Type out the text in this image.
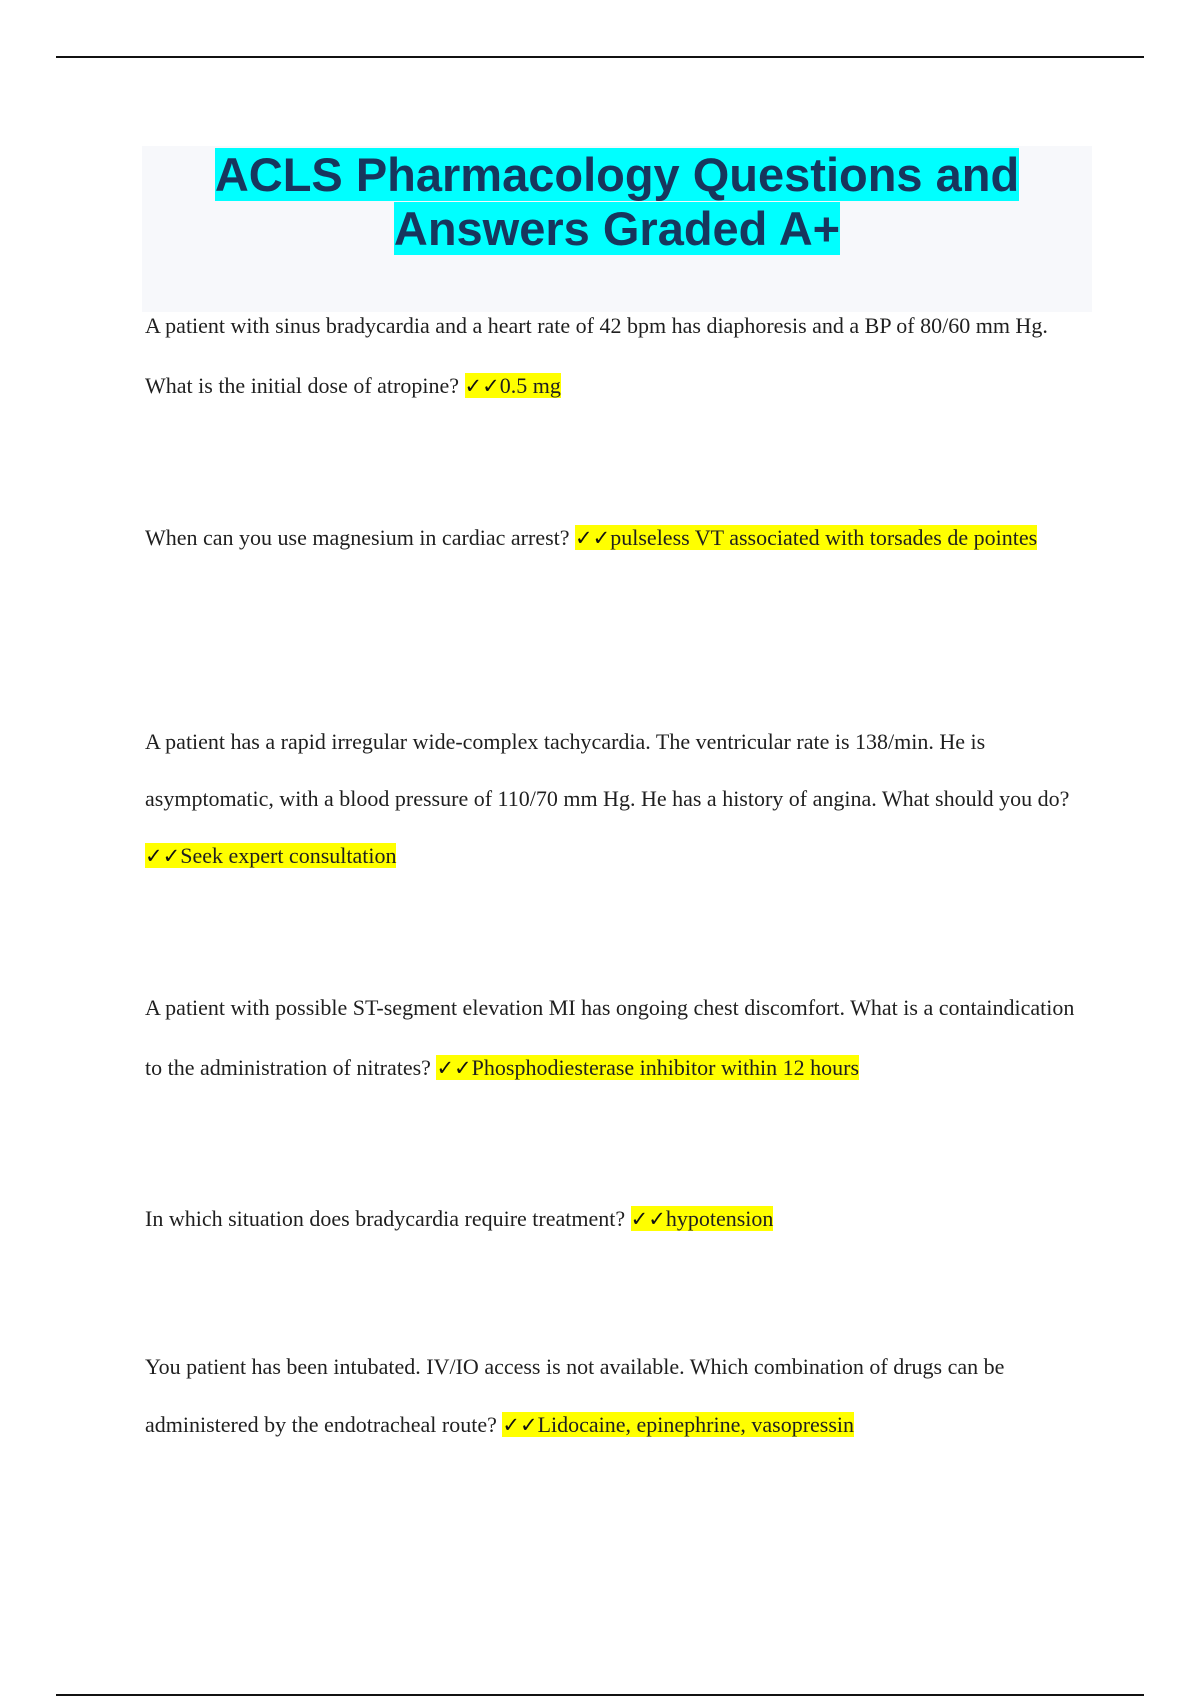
ACLS Pharmacology Questions and Answers Graded A+

A patient with sinus bradycardia and a heart rate of 42 bpm has diaphoresis and a BP of 80/60 mm Hg. What is the initial dose of atropine? ✓✓0.5 mg

When can you use magnesium in cardiac arrest? ✓✓pulseless VT associated with torsades de pointes

A patient has a rapid irregular wide-complex tachycardia. The ventricular rate is 138/min. He is asymptomatic, with a blood pressure of 110/70 mm Hg. He has a history of angina. What should you do? ✓✓Seek expert consultation

A patient with possible ST-segment elevation MI has ongoing chest discomfort. What is a containdication to the administration of nitrates? ✓✓Phosphodiesterase inhibitor within 12 hours

In which situation does bradycardia require treatment? ✓✓hypotension

You patient has been intubated. IV/IO access is not available. Which combination of drugs can be administered by the endotracheal route? ✓✓Lidocaine, epinephrine, vasopressin
